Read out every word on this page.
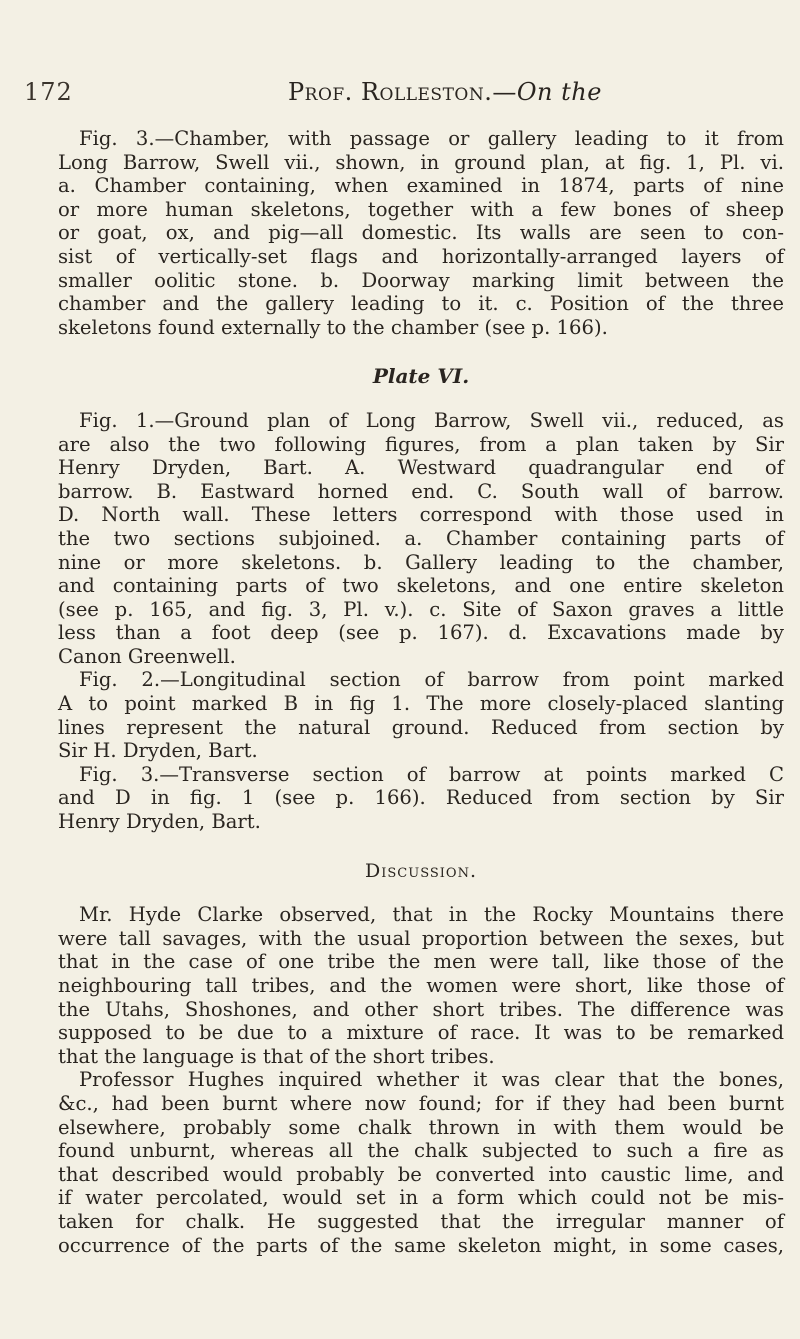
172	Prof. Rolleston.—On the
Fig. 3.—Chamber, with passage or gallery leading to it from
Long Barrow, Swell vii., shown, in ground plan, at fig. 1, Pl. vi.
a. Chamber containing, when examined in 1874, parts of nine
or more human skeletons, together with a few bones of sheep
or goat, ox, and pig—all domestic. Its walls are seen to con-
sist of vertically-set flags and horizontally-arranged layers of
smaller oolitic stone. b. Doorway marking limit between the
chamber and the gallery leading to it. c. Position of the three
skeletons found externally to the chamber (see p. 166).
Plate VI.
Fig. 1.—Ground plan of Long Barrow, Swell vii., reduced, as
are also the two following figures, from a plan taken by Sir
Henry Dryden, Bart. A. Westward quadrangular end of
barrow. B. Eastward horned end. C. South wall of barrow.
D. North wall. These letters correspond with those used in
the two sections subjoined. a. Chamber containing parts of
nine or more skeletons. b. Gallery leading to the chamber,
and containing parts of two skeletons, and one entire skeleton
(see p. 165, and fig. 3, Pl. v.). c. Site of Saxon graves a little
less than a foot deep (see p. 167). d. Excavations made by
Canon Greenwell.
Fig. 2.—Longitudinal section of barrow from point marked
A to point marked B in fig 1. The more closely-placed slanting
lines represent the natural ground. Reduced from section by
Sir H. Dryden, Bart.
Fig. 3.—Transverse section of barrow at points marked C
and D in fig. 1 (see p. 166). Reduced from section by Sir
Henry Dryden, Bart.
Discussion.
Mr. Hyde Clarke observed, that in the Rocky Mountains there
were tall savages, with the usual proportion between the sexes, but
that in the case of one tribe the men were tall, like those of the
neighbouring tall tribes, and the women were short, like those of
the Utahs, Shoshones, and other short tribes. The difference was
supposed to be due to a mixture of race. It was to be remarked
that the language is that of the short tribes.
Professor Hughes inquired whether it was clear that the bones,
&c., had been burnt where now found; for if they had been burnt
elsewhere, probably some chalk thrown in with them would be
found unburnt, whereas all the chalk subjected to such a fire as
that described would probably be converted into caustic lime, and
if water percolated, would set in a form which could not be mis-
taken for chalk. He suggested that the irregular manner of
occurrence of the parts of the same skeleton might, in some cases,
